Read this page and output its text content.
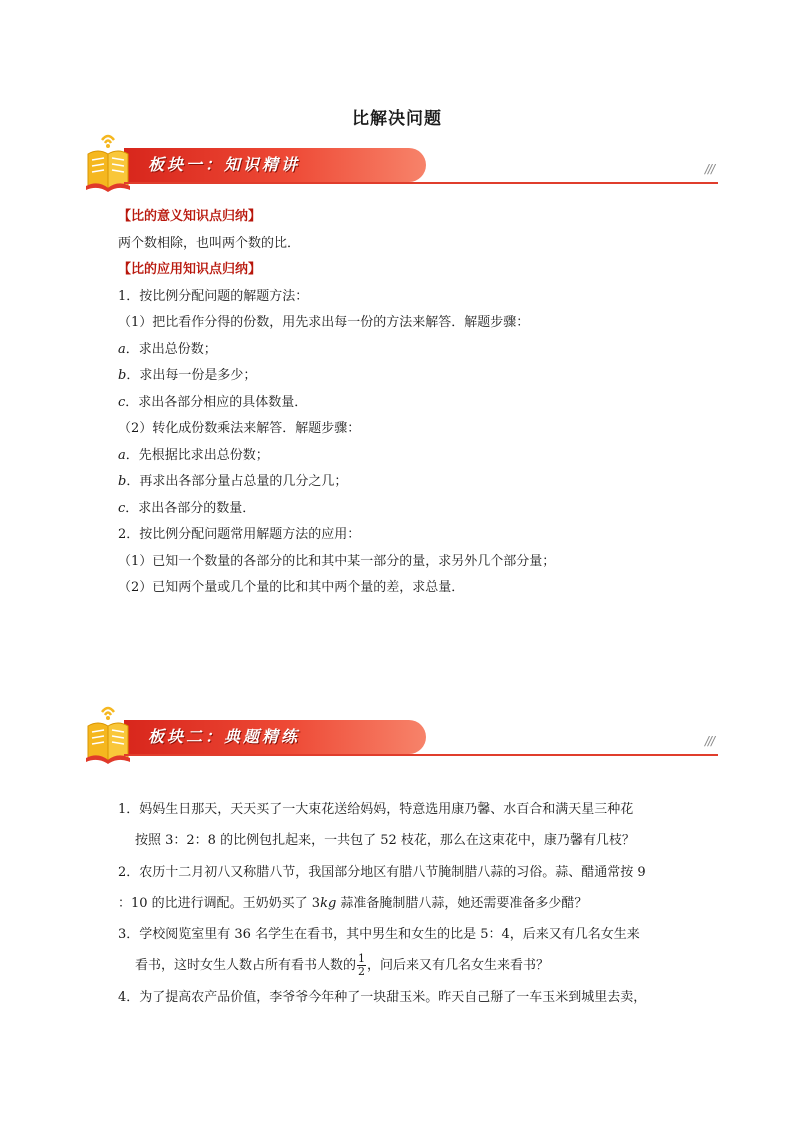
比解决问题
板块一：知识精讲	///
【比的意义知识点归纳】
两个数相除，也叫两个数的比．
【比的应用知识点归纳】
1．按比例分配问题的解题方法：
（1）把比看作分得的份数，用先求出每一份的方法来解答．解题步骤：
a．求出总份数；
b．求出每一份是多少；
c．求出各部分相应的具体数量．
（2）转化成份数乘法来解答．解题步骤：
a．先根据比求出总份数；
b．再求出各部分量占总量的几分之几；
c．求出各部分的数量．
2．按比例分配问题常用解题方法的应用：
（1）已知一个数量的各部分的比和其中某一部分的量，求另外几个部分量；
（2）已知两个量或几个量的比和其中两个量的差，求总量．
板块二：典题精练	///
1．妈妈生日那天，天天买了一大束花送给妈妈，特意选用康乃馨、水百合和满天星三种花
按照 3：2：8 的比例包扎起来，一共包了 52 枝花，那么在这束花中，康乃馨有几枝？
2．农历十二月初八又称腊八节，我国部分地区有腊八节腌制腊八蒜的习俗。蒜、醋通常按 9
：10 的比进行调配。王奶奶买了 3kg 蒜准备腌制腊八蒜，她还需要准备多少醋？
3．学校阅览室里有 36 名学生在看书，其中男生和女生的比是 5：4，后来又有几名女生来
看书，这时女生人数占所有看书人数的 $\frac{1}{2}$ ，问后来又有几名女生来看书？
4．为了提高农产品价值，李爷爷今年种了一块甜玉米。昨天自己掰了一车玉米到城里去卖，
